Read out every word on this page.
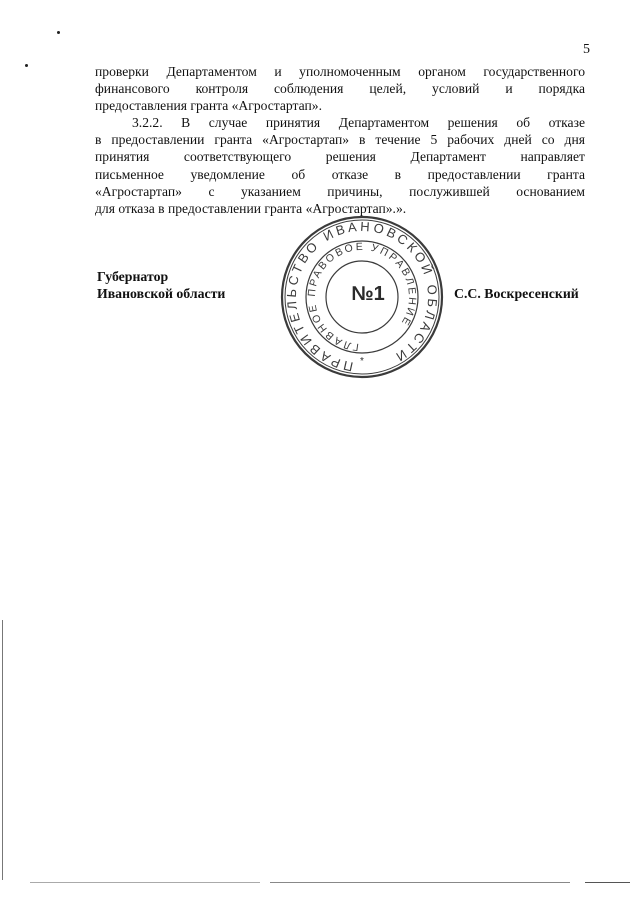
5

проверки Департаментом и уполномоченным органом государственного
финансового контроля соблюдения целей, условий и порядка
предоставления гранта «Агростартап».

3.2.2. В случае принятия Департаментом решения об отказе
в предоставлении гранта «Агростартап» в течение 5 рабочих дней со дня
принятия соответствующего решения Департамент направляет
письменное уведомление об отказе в предоставлении гранта
«Агростартап» с указанием причины, послужившей основанием
для отказа в предоставлении гранта «Агростартап».».

Губернатор
Ивановской области	С.С. Воскресенский
ПРАВИТЕЛЬСТВО ИВАНОВСКОЙ ОБЛАСТИ
ГЛАВНОЕ ПРАВОВОЕ УПРАВЛЕНИЕ
№1
*
